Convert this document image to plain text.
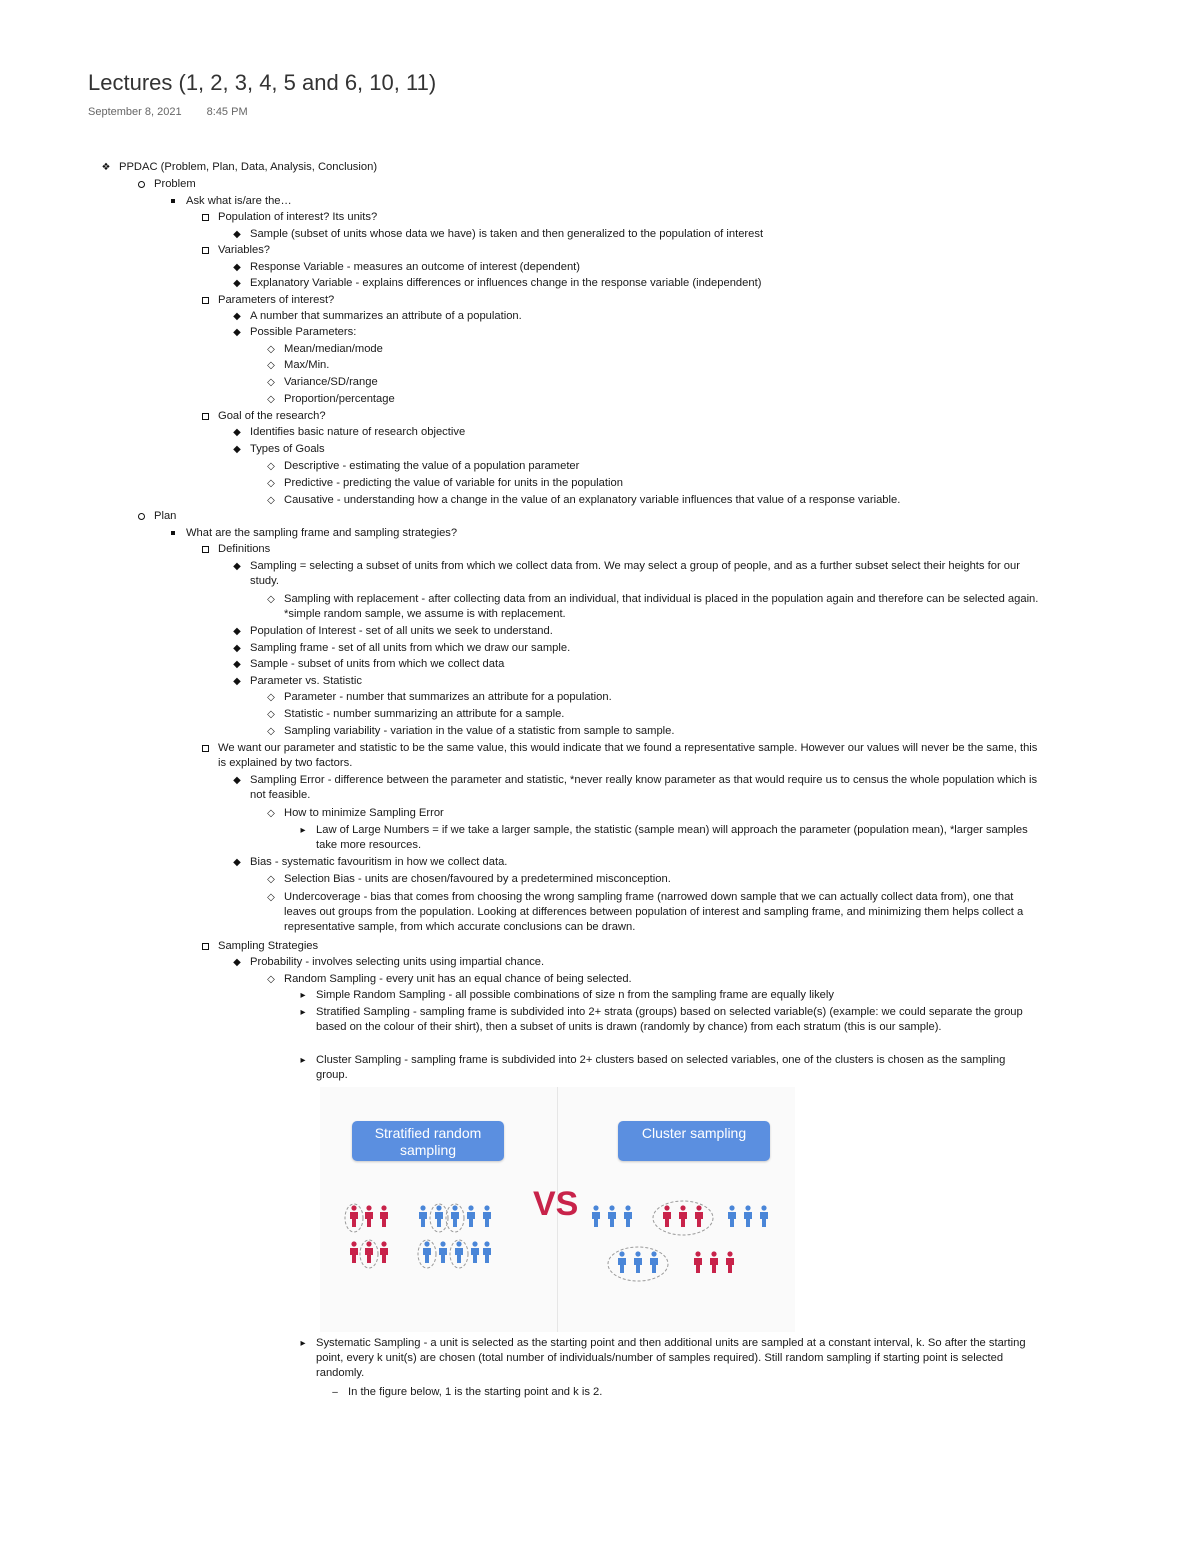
Lectures (1, 2, 3, 4, 5 and 6, 10, 11)
September 8, 2021 8:45 PM
❖ PPDAC (Problem, Plan, Data, Analysis, Conclusion)
Problem
Ask what is/are the…
Population of interest? Its units?
◆ Sample (subset of units whose data we have) is taken and then generalized to the population of interest
Variables?
◆ Response Variable - measures an outcome of interest (dependent)
◆ Explanatory Variable - explains differences or influences change in the response variable (independent)
Parameters of interest?
◆ A number that summarizes an attribute of a population.
◆ Possible Parameters:
◇ Mean/median/mode
◇ Max/Min.
◇ Variance/SD/range
◇ Proportion/percentage
Goal of the research?
◆ Identifies basic nature of research objective
◆ Types of Goals
◇ Descriptive - estimating the value of a population parameter
◇ Predictive - predicting the value of variable for units in the population
◇ Causative - understanding how a change in the value of an explanatory variable influences that value of a response variable.
Plan
What are the sampling frame and sampling strategies?
Definitions
◆ Sampling = selecting a subset of units from which we collect data from. We may select a group of people, and as a further subset select their heights for our study.
◇ Sampling with replacement - after collecting data from an individual, that individual is placed in the population again and therefore can be selected again. *simple random sample, we assume is with replacement.
◆ Population of Interest - set of all units we seek to understand.
◆ Sampling frame - set of all units from which we draw our sample.
◆ Sample - subset of units from which we collect data
◆ Parameter vs. Statistic
◇ Parameter - number that summarizes an attribute for a population.
◇ Statistic - number summarizing an attribute for a sample.
◇ Sampling variability - variation in the value of a statistic from sample to sample.
We want our parameter and statistic to be the same value, this would indicate that we found a representative sample. However our values will never be the same, this is explained by two factors.
◆ Sampling Error - difference between the parameter and statistic, *never really know parameter as that would require us to census the whole population which is not feasible.
◇ How to minimize Sampling Error
▸ Law of Large Numbers = if we take a larger sample, the statistic (sample mean) will approach the parameter (population mean), *larger samples take more resources.
◆ Bias - systematic favouritism in how we collect data.
◇ Selection Bias - units are chosen/favoured by a predetermined misconception.
◇ Undercoverage - bias that comes from choosing the wrong sampling frame (narrowed down sample that we can actually collect data from), one that leaves out groups from the population. Looking at differences between population of interest and sampling frame, and minimizing them helps collect a representative sample, from which accurate conclusions can be drawn.
Sampling Strategies
◆ Probability - involves selecting units using impartial chance.
◇ Random Sampling - every unit has an equal chance of being selected.
▸ Simple Random Sampling - all possible combinations of size n from the sampling frame are equally likely
▸ Stratified Sampling - sampling frame is subdivided into 2+ strata (groups) based on selected variable(s) (example: we could separate the group based on the colour of their shirt), then a subset of units is drawn (randomly by chance) from each stratum (this is our sample).
▸ Cluster Sampling - sampling frame is subdivided into 2+ clusters based on selected variables, one of the clusters is chosen as the sampling group.
▸ Systematic Sampling - a unit is selected as the starting point and then additional units are sampled at a constant interval, k. So after the starting point, every k unit(s) are chosen (total number of individuals/number of samples required). Still random sampling if starting point is selected randomly.
– In the figure below, 1 is the starting point and k is 2.
Stratified random sampling
Cluster sampling
VS
